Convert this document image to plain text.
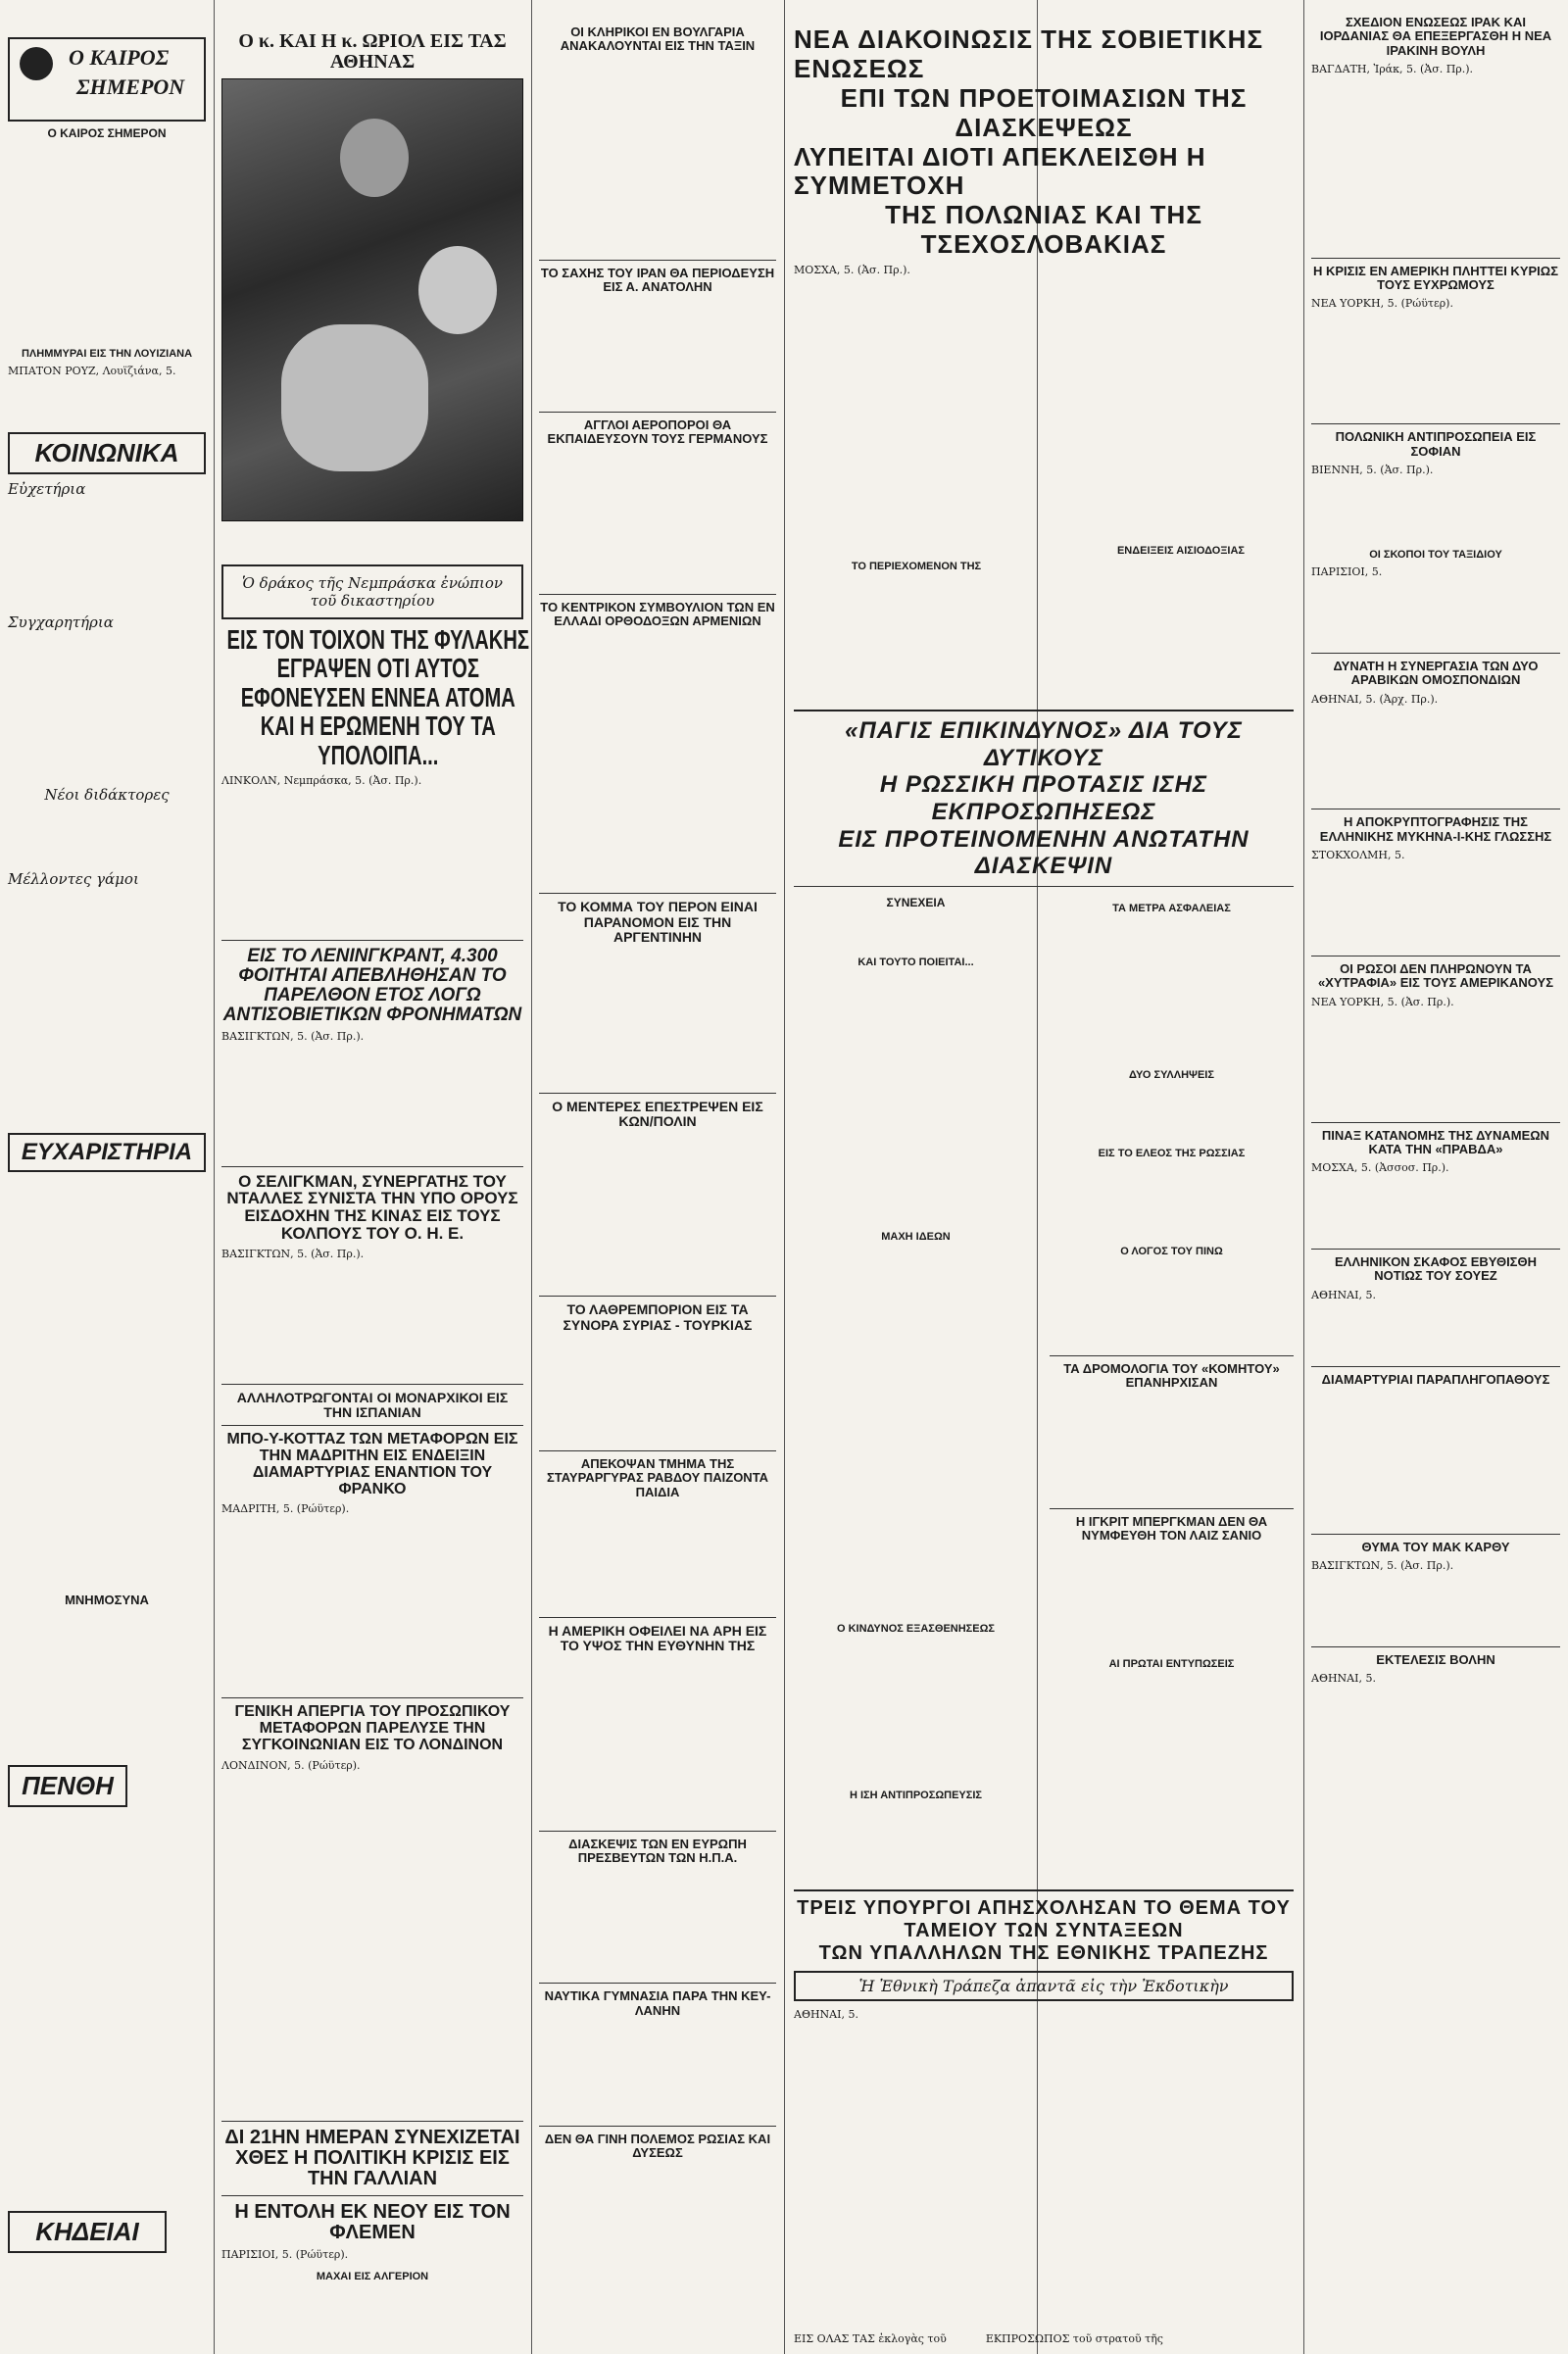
Ο ΚΑΙΡΟΣ
ΣΗΜΕΡΟΝ
Ο ΚΑΙΡΟΣ ΣΗΜΕΡΟΝ
ΠΛΗΜΜΥΡΑΙ ΕΙΣ ΤΗΝ ΛΟΥΙΖΙΑΝΑ
ΜΠΑΤΟΝ ΡΟΥΖ, Λουϊζιάνα, 5.
ΚΟΙΝΩΝΙΚΑ
Εὐχετήρια
Συγχαρητήρια
Νέοι διδάκτορες
Μέλλοντες γάμοι
ΕΥΧΑΡΙΣΤΗΡΙΑ
ΜΝΗΜΟΣΥΝΑ
ΠΕΝΘΗ
ΚΗΔΕΙΑΙ
Ο κ. ΚΑΙ Η κ. ΩΡΙΟΛ ΕΙΣ ΤΑΣ ΑΘΗΝΑΣ
Ὁ δράκος τῆς Νεμπράσκα ἐνώπιον τοῦ δικαστηρίου
ΕΙΣ ΤΟΝ ΤΟΙΧΟΝ ΤΗΣ ΦΥΛΑΚΗΣ ΕΓΡΑΨΕΝ ΟΤΙ ΑΥΤΟΣ ΕΦΟΝΕΥΣΕΝ ΕΝΝΕΑ ΑΤΟΜΑ ΚΑΙ Η ΕΡΩΜΕΝΗ ΤΟΥ ΤΑ ΥΠΟΛΟΙΠΑ...
ΛΙΝΚΟΛΝ, Νεμπράσκα, 5. (Ἀσ. Πρ.).
ΕΙΣ ΤΟ ΛΕΝΙΝΓΚΡΑΝΤ, 4.300 ΦΟΙΤΗΤΑΙ ΑΠΕΒΛΗΘΗΣΑΝ ΤΟ ΠΑΡΕΛΘΟΝ ΕΤΟΣ ΛΟΓΩ ΑΝΤΙΣΟΒΙΕΤΙΚΩΝ ΦΡΟΝΗΜΑΤΩΝ
ΒΑΣΙΓΚΤΩΝ, 5. (Ἀσ. Πρ.).
Ο ΣΕΛΙΓΚΜΑΝ, ΣΥΝΕΡΓΑΤΗΣ ΤΟΥ ΝΤΑΛΛΕΣ ΣΥΝΙΣΤΑ ΤΗΝ ΥΠΟ ΟΡΟΥΣ ΕΙΣΔΟΧΗΝ ΤΗΣ ΚΙΝΑΣ ΕΙΣ ΤΟΥΣ ΚΟΛΠΟΥΣ ΤΟΥ Ο. Η. Ε.
ΒΑΣΙΓΚΤΩΝ, 5. (Ἀσ. Πρ.).
ΑΛΛΗΛΟΤΡΩΓΟΝΤΑΙ ΟΙ ΜΟΝΑΡΧΙΚΟΙ ΕΙΣ ΤΗΝ ΙΣΠΑΝΙΑΝ
ΜΠΟ-Υ-ΚΟΤΤΑΖ ΤΩΝ ΜΕΤΑΦΟΡΩΝ ΕΙΣ ΤΗΝ ΜΑΔΡΙΤΗΝ ΕΙΣ ΕΝΔΕΙΞΙΝ ΔΙΑΜΑΡΤΥΡΙΑΣ ΕΝΑΝΤΙΟΝ ΤΟΥ ΦΡΑΝΚΟ
ΜΑΔΡΙΤΗ, 5. (Ρώϋτερ).
ΓΕΝΙΚΗ ΑΠΕΡΓΙΑ ΤΟΥ ΠΡΟΣΩΠΙΚΟΥ ΜΕΤΑΦΟΡΩΝ ΠΑΡΕΛΥΣΕ ΤΗΝ ΣΥΓΚΟΙΝΩΝΙΑΝ ΕΙΣ ΤΟ ΛΟΝΔΙΝΟΝ
ΛΟΝΔΙΝΟΝ, 5. (Ρώϋτερ).
ΔΙ 21ΗΝ ΗΜΕΡΑΝ ΣΥΝΕΧΙΖΕΤΑΙ ΧΘΕΣ Η ΠΟΛΙΤΙΚΗ ΚΡΙΣΙΣ ΕΙΣ ΤΗΝ ΓΑΛΛΙΑΝ
Η ΕΝΤΟΛΗ ΕΚ ΝΕΟΥ ΕΙΣ ΤΟΝ ΦΛΕΜΕΝ
ΠΑΡΙΣΙΟΙ, 5. (Ρώϋτερ).
ΜΑΧΑΙ ΕΙΣ ΑΛΓΕΡΙΟΝ
ΟΙ ΚΛΗΡΙΚΟΙ ΕΝ ΒΟΥΛΓΑΡΙΑ ΑΝΑΚΑΛΟΥΝΤΑΙ ΕΙΣ ΤΗΝ ΤΑΞΙΝ
ΤΟ ΣΑΧΗΣ ΤΟΥ ΙΡΑΝ ΘΑ ΠΕΡΙΟΔΕΥΣΗ ΕΙΣ Α. ΑΝΑΤΟΛΗΝ
ΑΓΓΛΟΙ ΑΕΡΟΠΟΡΟΙ ΘΑ ΕΚΠΑΙΔΕΥΣΟΥΝ ΤΟΥΣ ΓΕΡΜΑΝΟΥΣ
ΤΟ ΚΕΝΤΡΙΚΟΝ ΣΥΜΒΟΥΛΙΟΝ ΤΩΝ ΕΝ ΕΛΛΑΔΙ ΟΡΘΟΔΟΞΩΝ ΑΡΜΕΝΙΩΝ
ΤΟ ΚΟΜΜΑ ΤΟΥ ΠΕΡΟΝ ΕΙΝΑΙ ΠΑΡΑΝΟΜΟΝ ΕΙΣ ΤΗΝ ΑΡΓΕΝΤΙΝΗΝ
Ο ΜΕΝΤΕΡΕΣ ΕΠΕΣΤΡΕΨΕΝ ΕΙΣ ΚΩΝ/ΠΟΛΙΝ
ΤΟ ΛΑΘΡΕΜΠΟΡΙΟΝ ΕΙΣ ΤΑ ΣΥΝΟΡΑ ΣΥΡΙΑΣ - ΤΟΥΡΚΙΑΣ
ΑΠΕΚΟΨΑΝ ΤΜΗΜΑ ΤΗΣ ΣΤΑΥΡΑΡΓΥΡΑΣ ΡΑΒΔΟΥ ΠΑΙΖΟΝΤΑ ΠΑΙΔΙΑ
Η ΑΜΕΡΙΚΗ ΟΦΕΙΛΕΙ ΝΑ ΑΡΗ ΕΙΣ ΤΟ ΥΨΟΣ ΤΗΝ ΕΥΘΥΝΗΝ ΤΗΣ
ΔΙΑΣΚΕΨΙΣ ΤΩΝ ΕΝ ΕΥΡΩΠΗ ΠΡΕΣΒΕΥΤΩΝ ΤΩΝ Η.Π.Α.
ΝΑΥΤΙΚΑ ΓΥΜΝΑΣΙΑ ΠΑΡΑ ΤΗΝ ΚΕΥ-ΛΑΝΗΝ
ΔΕΝ ΘΑ ΓΙΝΗ ΠΟΛΕΜΟΣ ΡΩΣΙΑΣ ΚΑΙ ΔΥΣΕΩΣ
ΝΕΑ ΔΙΑΚΟΙΝΩΣΙΣ ΤΗΣ ΣΟΒΙΕΤΙΚΗΣ ΕΝΩΣΕΩΣ
ΕΠΙ ΤΩΝ ΠΡΟΕΤΟΙΜΑΣΙΩΝ ΤΗΣ ΔΙΑΣΚΕΨΕΩΣ
ΛΥΠΕΙΤΑΙ ΔΙΟΤΙ ΑΠΕΚΛΕΙΣΘΗ Η ΣΥΜΜΕΤΟΧΗ
ΤΗΣ ΠΟΛΩΝΙΑΣ ΚΑΙ ΤΗΣ ΤΣΕΧΟΣΛΟΒΑΚΙΑΣ
ΜΟΣΧΑ, 5. (Ἀσ. Πρ.).
ΕΝΔΕΙΞΕΙΣ ΑΙΣΙΟΔΟΞΙΑΣ
ΤΟ ΠΕΡΙΕΧΟΜΕΝΟΝ ΤΗΣ
«ΠΑΓΙΣ ΕΠΙΚΙΝΔΥΝΟΣ» ΔΙΑ ΤΟΥΣ ΔΥΤΙΚΟΥΣ
Η ΡΩΣΣΙΚΗ ΠΡΟΤΑΣΙΣ ΙΣΗΣ ΕΚΠΡΟΣΩΠΗΣΕΩΣ
ΕΙΣ ΠΡΟΤΕΙΝΟΜΕΝΗΝ ΑΝΩΤΑΤΗΝ ΔΙΑΣΚΕΨΙΝ
ΣΥΝΕΧΕΙΑ
ΚΑΙ ΤΟΥΤΟ ΠΟΙΕΙΤΑΙ...
ΜΑΧΗ ΙΔΕΩΝ
Ο ΚΙΝΔΥΝΟΣ ΕΞΑΣΘΕΝΗΣΕΩΣ
Η ΙΣΗ ΑΝΤΙΠΡΟΣΩΠΕΥΣΙΣ
ΤΑ ΜΕΤΡΑ ΑΣΦΑΛΕΙΑΣ
ΔΥΟ ΣΥΛΛΗΨΕΙΣ
ΕΙΣ ΤΟ ΕΛΕΟΣ ΤΗΣ ΡΩΣΣΙΑΣ
Ο ΛΟΓΟΣ ΤΟΥ ΠΙΝΩ
ΤΑ ΔΡΟΜΟΛΟΓΙΑ ΤΟΥ «ΚΟΜΗΤΟΥ» ΕΠΑΝΗΡΧΙΣΑΝ
Η ΙΓΚΡΙΤ ΜΠΕΡΓΚΜΑΝ ΔΕΝ ΘΑ ΝΥΜΦΕΥΘΗ ΤΟΝ ΛΑΙΖ ΣΑΝΙΟ
ΑΙ ΠΡΩΤΑΙ ΕΝΤΥΠΩΣΕΙΣ
ΤΡΕΙΣ ΥΠΟΥΡΓΟΙ ΑΠΗΣΧΟΛΗΣΑΝ ΤΟ ΘΕΜΑ ΤΟΥ ΤΑΜΕΙΟΥ ΤΩΝ ΣΥΝΤΑΞΕΩΝ
ΤΩΝ ΥΠΑΛΛΗΛΩΝ ΤΗΣ ΕΘΝΙΚΗΣ ΤΡΑΠΕΖΗΣ
Ἡ Ἐθνικὴ Τράπεζα ἀπαντᾶ εἰς τὴν Ἐκδοτικὴν
ΑΘΗΝΑΙ, 5.
ΕΙΣ ΟΛΑΣ ΤΑΣ ἐκλογὰς τοῦ	ΕΚΠΡΟΣΩΠΟΣ τοῦ στρατοῦ τῆς
ΣΧΕΔΙΟΝ ΕΝΩΣΕΩΣ ΙΡΑΚ ΚΑΙ ΙΟΡΔΑΝΙΑΣ ΘΑ ΕΠΕΞΕΡΓΑΣΘΗ Η ΝΕΑ ΙΡΑΚΙΝΗ ΒΟΥΛΗ
ΒΑΓΔΑΤΗ, Ἰράκ, 5. (Ἀσ. Πρ.).
Η ΚΡΙΣΙΣ ΕΝ ΑΜΕΡΙΚΗ ΠΛΗΤΤΕΙ ΚΥΡΙΩΣ ΤΟΥΣ ΕΥΧΡΩΜΟΥΣ
ΝΕΑ ΥΟΡΚΗ, 5. (Ρώϋτερ).
ΠΟΛΩΝΙΚΗ ΑΝΤΙΠΡΟΣΩΠΕΙΑ ΕΙΣ ΣΟΦΙΑΝ
ΒΙΕΝΝΗ, 5. (Ἀσ. Πρ.).
ΟΙ ΣΚΟΠΟΙ ΤΟΥ ΤΑΞΙΔΙΟΥ
ΠΑΡΙΣΙΟΙ, 5.
ΔΥΝΑΤΗ Η ΣΥΝΕΡΓΑΣΙΑ ΤΩΝ ΔΥΟ ΑΡΑΒΙΚΩΝ ΟΜΟΣΠΟΝΔΙΩΝ
ΑΘΗΝΑΙ, 5. (Ἀρχ. Πρ.).
Η ΑΠΟΚΡΥΠΤΟΓΡΑΦΗΣΙΣ ΤΗΣ ΕΛΛΗΝΙΚΗΣ ΜΥΚΗΝΑ-Ι-ΚΗΣ ΓΛΩΣΣΗΣ
ΣΤΟΚΧΟΛΜΗ, 5.
ΟΙ ΡΩΣΟΙ ΔΕΝ ΠΛΗΡΩΝΟΥΝ ΤΑ «ΧΥΤΡΑΦΙΑ» ΕΙΣ ΤΟΥΣ ΑΜΕΡΙΚΑΝΟΥΣ
ΝΕΑ ΥΟΡΚΗ, 5. (Ἀσ. Πρ.).
ΠΙΝΑΞ ΚΑΤΑΝΟΜΗΣ ΤΗΣ ΔΥΝΑΜΕΩΝ ΚΑΤΑ ΤΗΝ «ΠΡΑΒΔΑ»
ΜΟΣΧΑ, 5. (Ἀσσοσ. Πρ.).
ΕΛΛΗΝΙΚΟΝ ΣΚΑΦΟΣ ΕΒΥΘΙΣΘΗ ΝΟΤΙΩΣ ΤΟΥ ΣΟΥΕΖ
ΑΘΗΝΑΙ, 5.
ΔΙΑΜΑΡΤΥΡΙΑΙ ΠΑΡΑΠΛΗΓΟΠΑΘΟΥΣ
ΘΥΜΑ ΤΟΥ ΜΑΚ ΚΑΡΘΥ
ΒΑΣΙΓΚΤΩΝ, 5. (Ἀσ. Πρ.).
ΕΚΤΕΛΕΣΙΣ ΒΟΛΗΝ
ΑΘΗΝΑΙ, 5.
